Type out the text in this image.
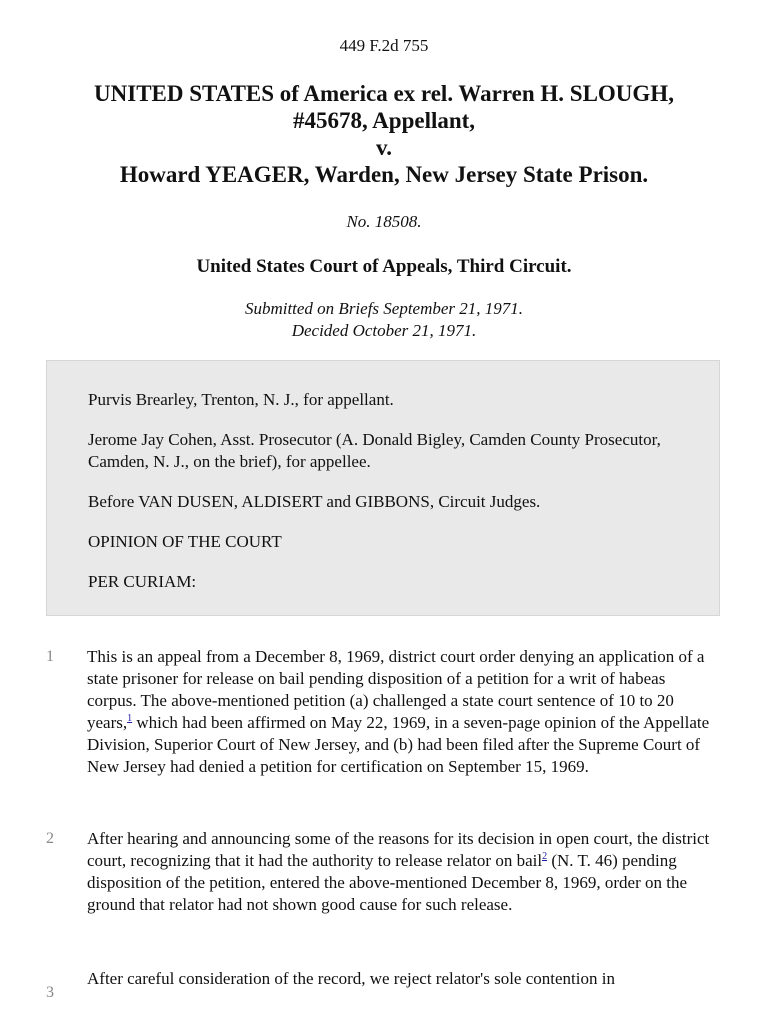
449 F.2d 755
UNITED STATES of America ex rel. Warren H. SLOUGH,
#45678, Appellant,
v.
Howard YEAGER, Warden, New Jersey State Prison.
No. 18508.
United States Court of Appeals, Third Circuit.
Submitted on Briefs September 21, 1971.
Decided October 21, 1971.

Purvis Brearley, Trenton, N. J., for appellant.

Jerome Jay Cohen, Asst. Prosecutor (A. Donald Bigley, Camden County Prosecutor, Camden, N. J., on the brief), for appellee.

Before VAN DUSEN, ALDISERT and GIBBONS, Circuit Judges.

OPINION OF THE COURT

PER CURIAM:

1 This is an appeal from a December 8, 1969, district court order denying an application of a state prisoner for release on bail pending disposition of a petition for a writ of habeas corpus. The above-mentioned petition (a) challenged a state court sentence of 10 to 20 years,$^1$ which had been affirmed on May 22, 1969, in a seven-page opinion of the Appellate Division, Superior Court of New Jersey, and (b) had been filed after the Supreme Court of New Jersey had denied a petition for certification on September 15, 1969.
2 After hearing and announcing some of the reasons for its decision in open court, the district court, recognizing that it had the authority to release relator on bail$^2$ (N. T. 46) pending disposition of the petition, entered the above-mentioned December 8, 1969, order on the ground that relator had not shown good cause for such release.
3
After careful consideration of the record, we reject relator's sole contention in
